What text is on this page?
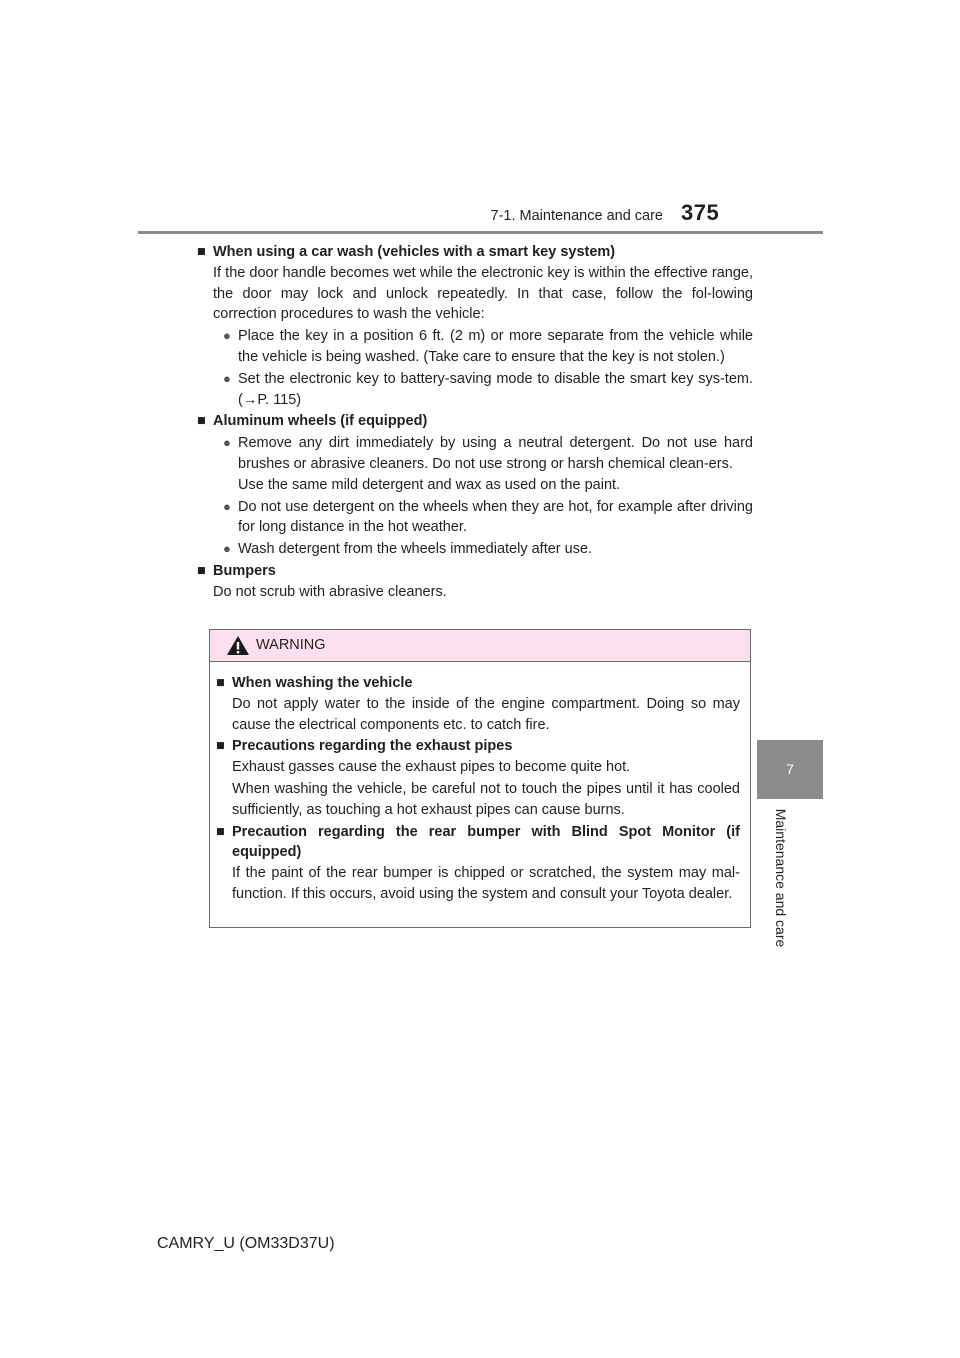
7-1. Maintenance and care 375
7
Maintenance and care
■ When using a car wash (vehicles with a smart key system)
If the door handle becomes wet while the electronic key is within the effective range, the door may lock and unlock repeatedly. In that case, follow the fol-lowing correction procedures to wash the vehicle:
● Place the key in a position 6 ft. (2 m) or more separate from the vehicle while the vehicle is being washed. (Take care to ensure that the key is not stolen.)
● Set the electronic key to battery-saving mode to disable the smart key sys-tem. (→P. 115)
■ Aluminum wheels (if equipped)
● Remove any dirt immediately by using a neutral detergent. Do not use hard brushes or abrasive cleaners. Do not use strong or harsh chemical clean-ers.
Use the same mild detergent and wax as used on the paint.
● Do not use detergent on the wheels when they are hot, for example after driving for long distance in the hot weather.
● Wash detergent from the wheels immediately after use.
■ Bumpers
Do not scrub with abrasive cleaners.
WARNING
■ When washing the vehicle
Do not apply water to the inside of the engine compartment. Doing so may cause the electrical components etc. to catch fire.
■ Precautions regarding the exhaust pipes
Exhaust gasses cause the exhaust pipes to become quite hot.
When washing the vehicle, be careful not to touch the pipes until it has cooled sufficiently, as touching a hot exhaust pipes can cause burns.
■ Precaution regarding the rear bumper with Blind Spot Monitor (if equipped)
If the paint of the rear bumper is chipped or scratched, the system may mal-function. If this occurs, avoid using the system and consult your Toyota dealer.
CAMRY_U (OM33D37U)
